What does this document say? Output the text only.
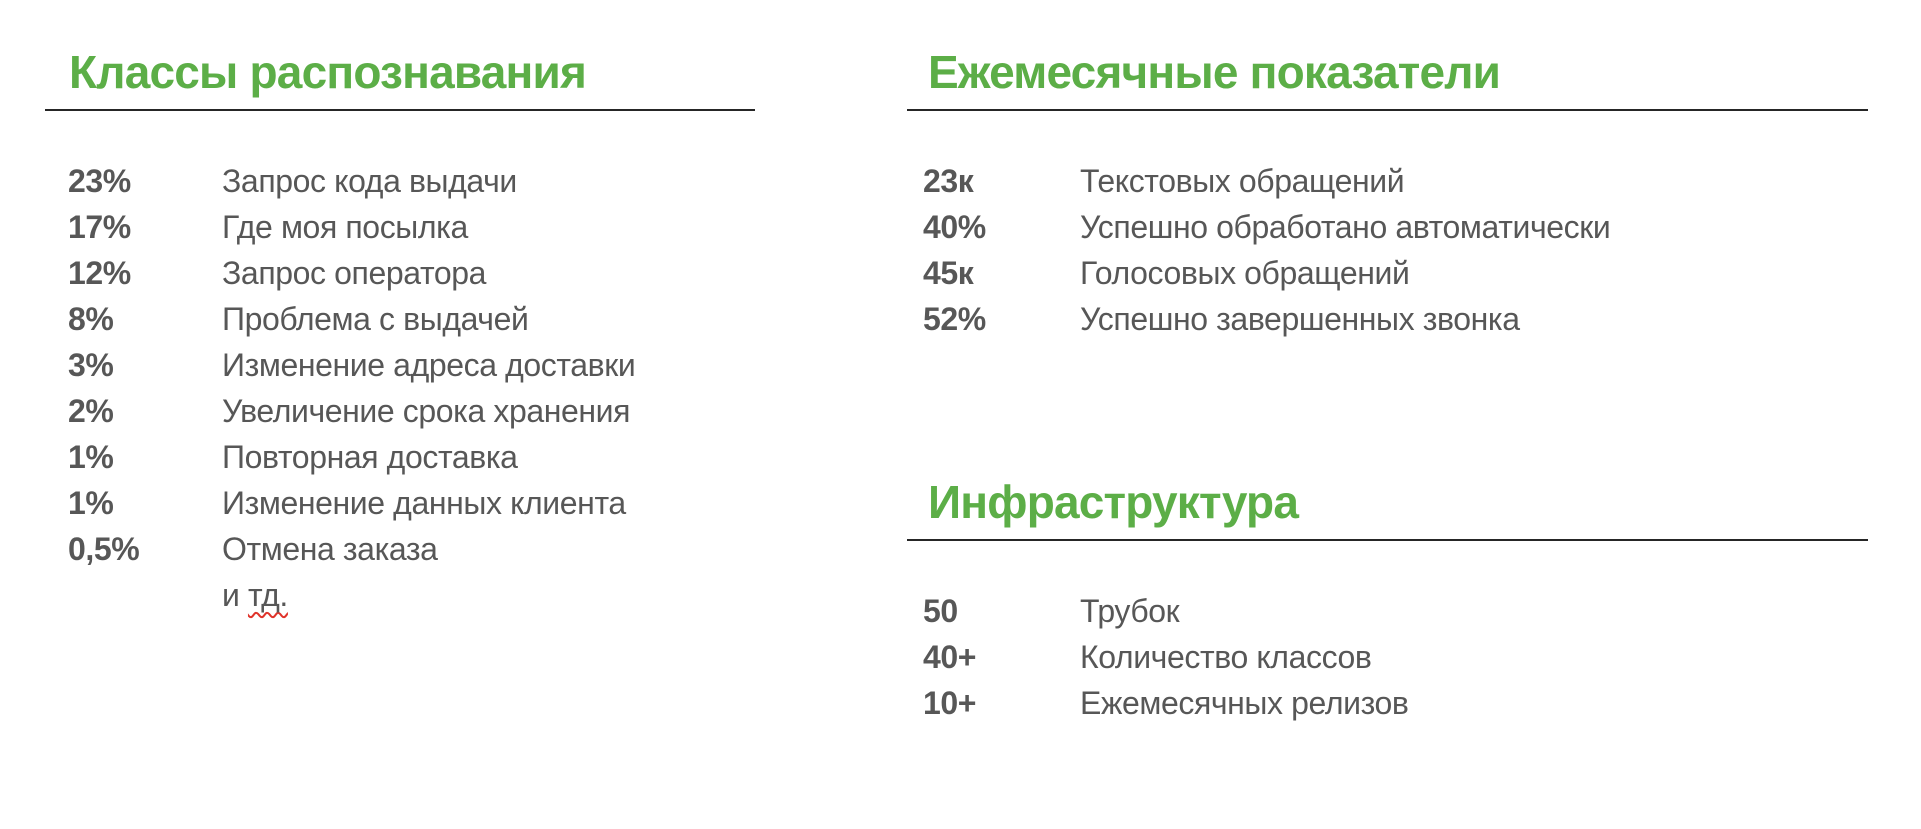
Классы распознавания
23%	Запрос кода выдачи
17%	Где моя посылка
12%	Запрос оператора
8%	Проблема с выдачей
3%	Изменение адреса доставки
2%	Увеличение срока хранения
1%	Повторная доставка
1%	Изменение данных клиента
0,5%	Отмена заказа
и тд.
Ежемесячные показатели
23к	Текстовых обращений
40%	Успешно обработано автоматически
45к	Голосовых обращений
52%	Успешно завершенных звонка
Инфраструктура
50	Трубок
40+	Количество классов
10+	Ежемесячных релизов
